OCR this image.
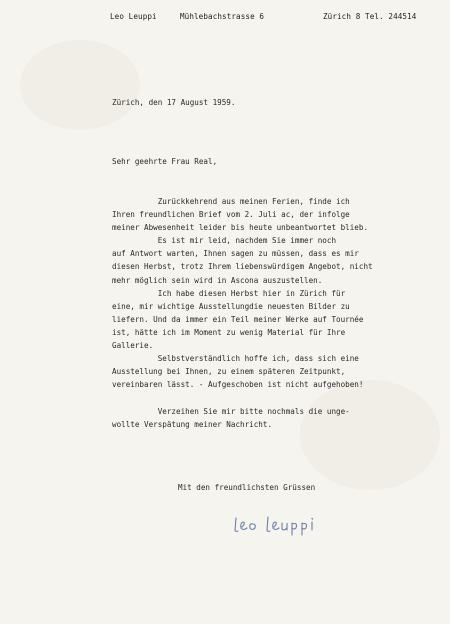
Leo Leuppi	Mühlebachstrasse 6	Zürich 8 Tel. 244514
Zürich, den 17 August 1959.
Sehr geehrte Frau Real,
Zurückkehrend aus meinen Ferien, finde ich
Ihren freundlichen Brief vom 2. Juli ac, der infolge
meiner Abwesenheit leider bis heute unbeantwortet blieb.
Es ist mir leid, nachdem Sie immer noch
auf Antwort warten, Ihnen sagen zu müssen, dass es mir
diesen Herbst, trotz Ihrem liebenswürdigem Angebot, nicht
mehr möglich sein wird in Ascona auszustellen.
Ich habe diesen Herbst hier in Zürich für
eine, mir wichtige Ausstellungdie neuesten Bilder zu
liefern. Und da immer ein Teil meiner Werke auf Tournée
ist, hätte ich im Moment zu wenig Material für Ihre
Gallerie.
Selbstverständlich hoffe ich, dass sich eine
Ausstellung bei Ihnen, zu einem späteren Zeitpunkt,
vereinbaren lässt. - Aufgeschoben ist nicht aufgehoben!
Verzeihen Sie mir bitte nochmals die unge-
wollte Verspätung meiner Nachricht.
Mit den freundlichsten Grüssen
